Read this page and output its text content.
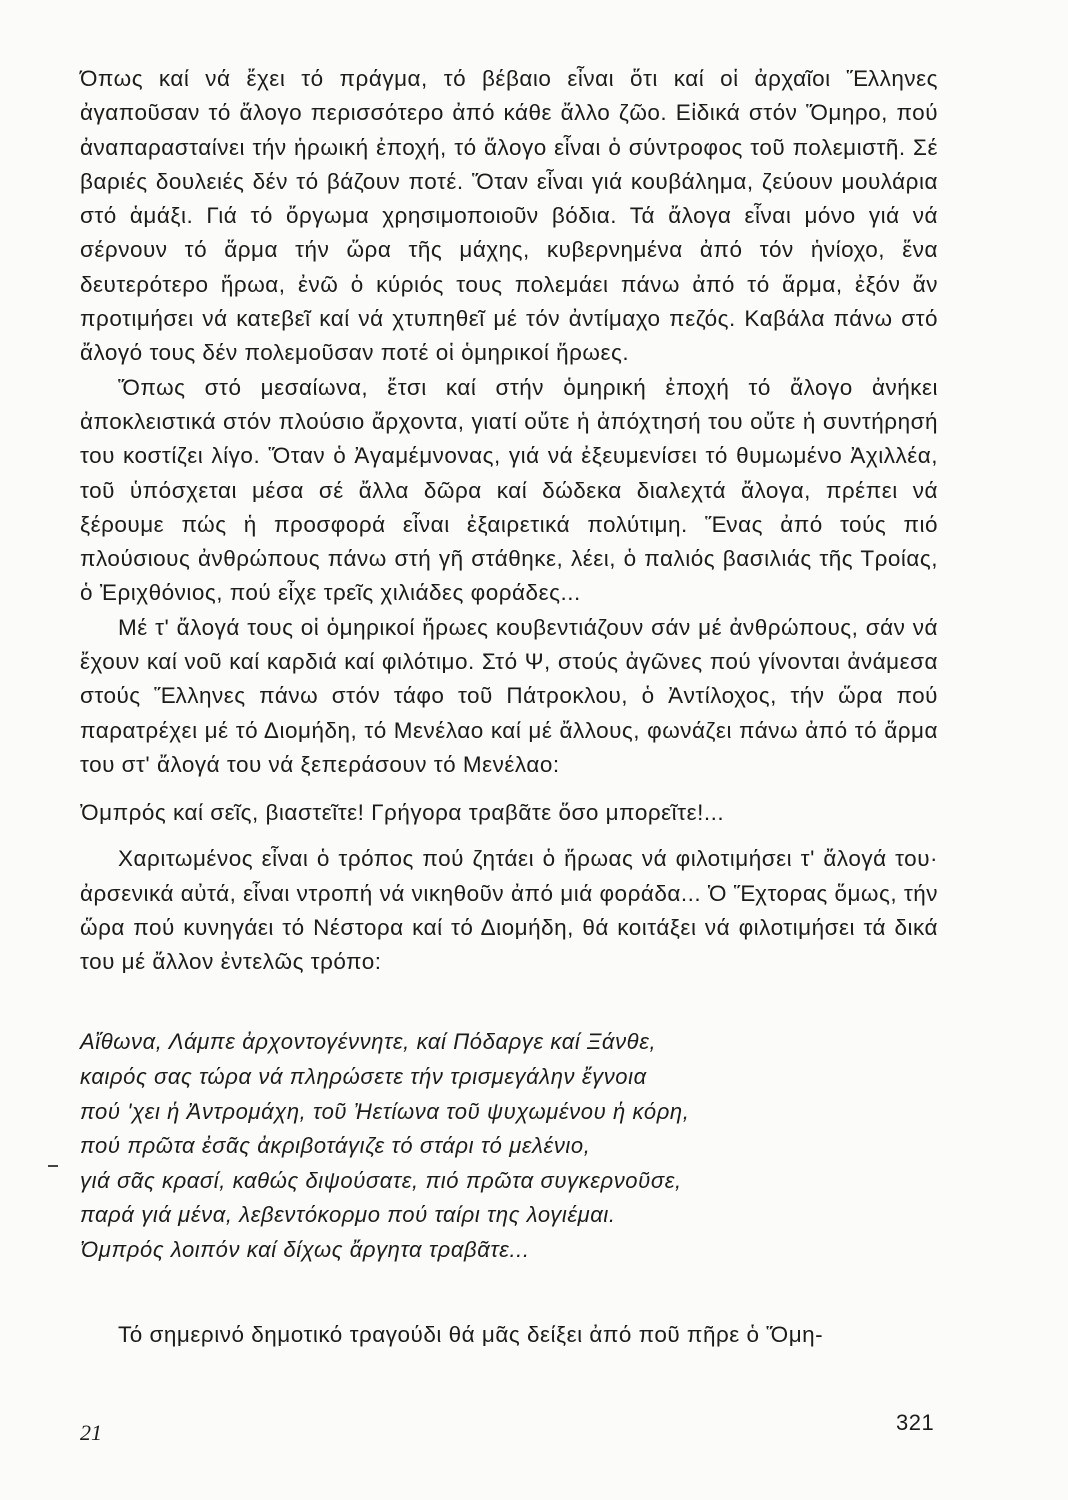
Όπως καί νά ἔχει τό πράγμα, τό βέβαιο εἶναι ὅτι καί οἱ ἀρχαῖοι Ἕλληνες ἀγαποῦσαν τό ἄλογο περισσότερο ἀπό κάθε ἄλλο ζῶο. Εἰδικά στόν Ὅμηρο, πού ἀναπαρασταίνει τήν ἡρωική ἐποχή, τό ἄλογο εἶναι ὁ σύντροφος τοῦ πολεμιστῆ. Σέ βαριές δουλειές δέν τό βάζουν ποτέ. Ὅταν εἶναι γιά κουβάλημα, ζεύουν μουλάρια στό ἁμάξι. Γιά τό ὄργωμα χρησιμοποιοῦν βόδια. Τά ἄλογα εἶναι μόνο γιά νά σέρνουν τό ἅρμα τήν ὥρα τῆς μάχης, κυβερνημένα ἀπό τόν ἡνίοχο, ἕνα δευτερότερο ἥρωα, ἐνῶ ὁ κύριός τους πολεμάει πάνω ἀπό τό ἅρμα, ἐξόν ἄν προτιμήσει νά κατεβεῖ καί νά χτυπηθεῖ μέ τόν ἀντίμαχο πεζός. Καβάλα πάνω στό ἄλογό τους δέν πολεμοῦσαν ποτέ οἱ ὁμηρικοί ἥρωες.

Ὅπως στό μεσαίωνα, ἔτσι καί στήν ὁμηρική ἐποχή τό ἄλογο ἀνήκει ἀποκλειστικά στόν πλούσιο ἄρχοντα, γιατί οὔτε ἡ ἀπόχτησή του οὔτε ἡ συντήρησή του κοστίζει λίγο. Ὅταν ὁ Ἀγαμέμνονας, γιά νά ἐξευμενίσει τό θυμωμένο Ἀχιλλέα, τοῦ ὑπόσχεται μέσα σέ ἄλλα δῶρα καί δώδεκα διαλεχτά ἄλογα, πρέπει νά ξέρουμε πώς ἡ προσφορά εἶναι ἐξαιρετικά πολύτιμη. Ἕνας ἀπό τούς πιό πλούσιους ἀνθρώπους πάνω στή γῆ στάθηκε, λέει, ὁ παλιός βασιλιάς τῆς Τροίας, ὁ Ἐριχθόνιος, πού εἶχε τρεῖς χιλιάδες φοράδες...

Μέ τ' ἄλογά τους οἱ ὁμηρικοί ἥρωες κουβεντιάζουν σάν μέ ἀνθρώπους, σάν νά ἔχουν καί νοῦ καί καρδιά καί φιλότιμο. Στό Ψ, στούς ἀγῶνες πού γίνονται ἀνάμεσα στούς Ἕλληνες πάνω στόν τάφο τοῦ Πάτροκλου, ὁ Ἀντίλοχος, τήν ὥρα πού παρατρέχει μέ τό Διομήδη, τό Μενέλαο καί μέ ἄλλους, φωνάζει πάνω ἀπό τό ἅρμα του στ' ἄλογά του νά ξεπεράσουν τό Μενέλαο:

Ὀμπρός καί σεῖς, βιαστεῖτε! Γρήγορα τραβᾶτε ὅσο μπορεῖτε!...

Χαριτωμένος εἶναι ὁ τρόπος πού ζητάει ὁ ἥρωας νά φιλοτιμήσει τ' ἄλογά του· ἀρσενικά αὐτά, εἶναι ντροπή νά νικηθοῦν ἀπό μιά φοράδα... Ὁ Ἕχτορας ὅμως, τήν ὥρα πού κυνηγάει τό Νέστορα καί τό Διομήδη, θά κοιτάξει νά φιλοτιμήσει τά δικά του μέ ἄλλον ἐντελῶς τρόπο:

Αἴθωνα, Λάμπε ἀρχοντογέννητε, καί Πόδαργε καί Ξάνθε,
καιρός σας τώρα νά πληρώσετε τήν τρισμεγάλην ἔγνοια
πού 'χει ἡ Ἀντρομάχη, τοῦ Ἠετίωνα τοῦ ψυχωμένου ἡ κόρη,
πού πρῶτα ἐσᾶς ἀκριβοτάγιζε τό στάρι τό μελένιο,
γιά σᾶς κρασί, καθώς διψούσατε, πιό πρῶτα συγκερνοῦσε,
παρά γιά μένα, λεβεντόκορμο πού ταίρι της λογιέμαι.
Ὀμπρός λοιπόν καί δίχως ἄργητα τραβᾶτε...

Τό σημερινό δημοτικό τραγούδι θά μᾶς δείξει ἀπό ποῦ πῆρε ὁ Ὅμη-

21	321
